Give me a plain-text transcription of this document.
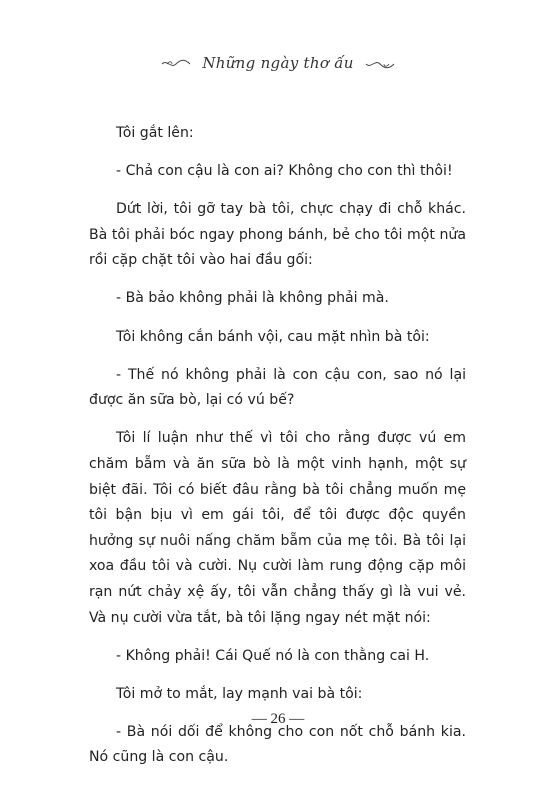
Những ngày thơ ấu

Tôi gắt lên:

- Chả con cậu là con ai? Không cho con thì thôi!

Dứt lời, tôi gỡ tay bà tôi, chực chạy đi chỗ khác. Bà tôi phải bóc ngay phong bánh, bẻ cho tôi một nửa rồi cặp chặt tôi vào hai đầu gối:

- Bà bảo không phải là không phải mà.

Tôi không cắn bánh vội, cau mặt nhìn bà tôi:

- Thế nó không phải là con cậu con, sao nó lại được ăn sữa bò, lại có vú bế?

Tôi lí luận như thế vì tôi cho rằng được vú em chăm bẵm và ăn sữa bò là một vinh hạnh, một sự biệt đãi. Tôi có biết đâu rằng bà tôi chẳng muốn mẹ tôi bận bịu vì em gái tôi, để tôi được độc quyền hưởng sự nuôi nấng chăm bẵm của mẹ tôi. Bà tôi lại xoa đầu tôi và cười. Nụ cười làm rung động cặp môi rạn nứt chảy xệ ấy, tôi vẫn chẳng thấy gì là vui vẻ. Và nụ cười vừa tắt, bà tôi lặng ngay nét mặt nói:

- Không phải! Cái Quế nó là con thằng cai H.

Tôi mở to mắt, lay mạnh vai bà tôi:

- Bà nói dối để không cho con nốt chỗ bánh kia. Nó cũng là con cậu.

— 26 —
